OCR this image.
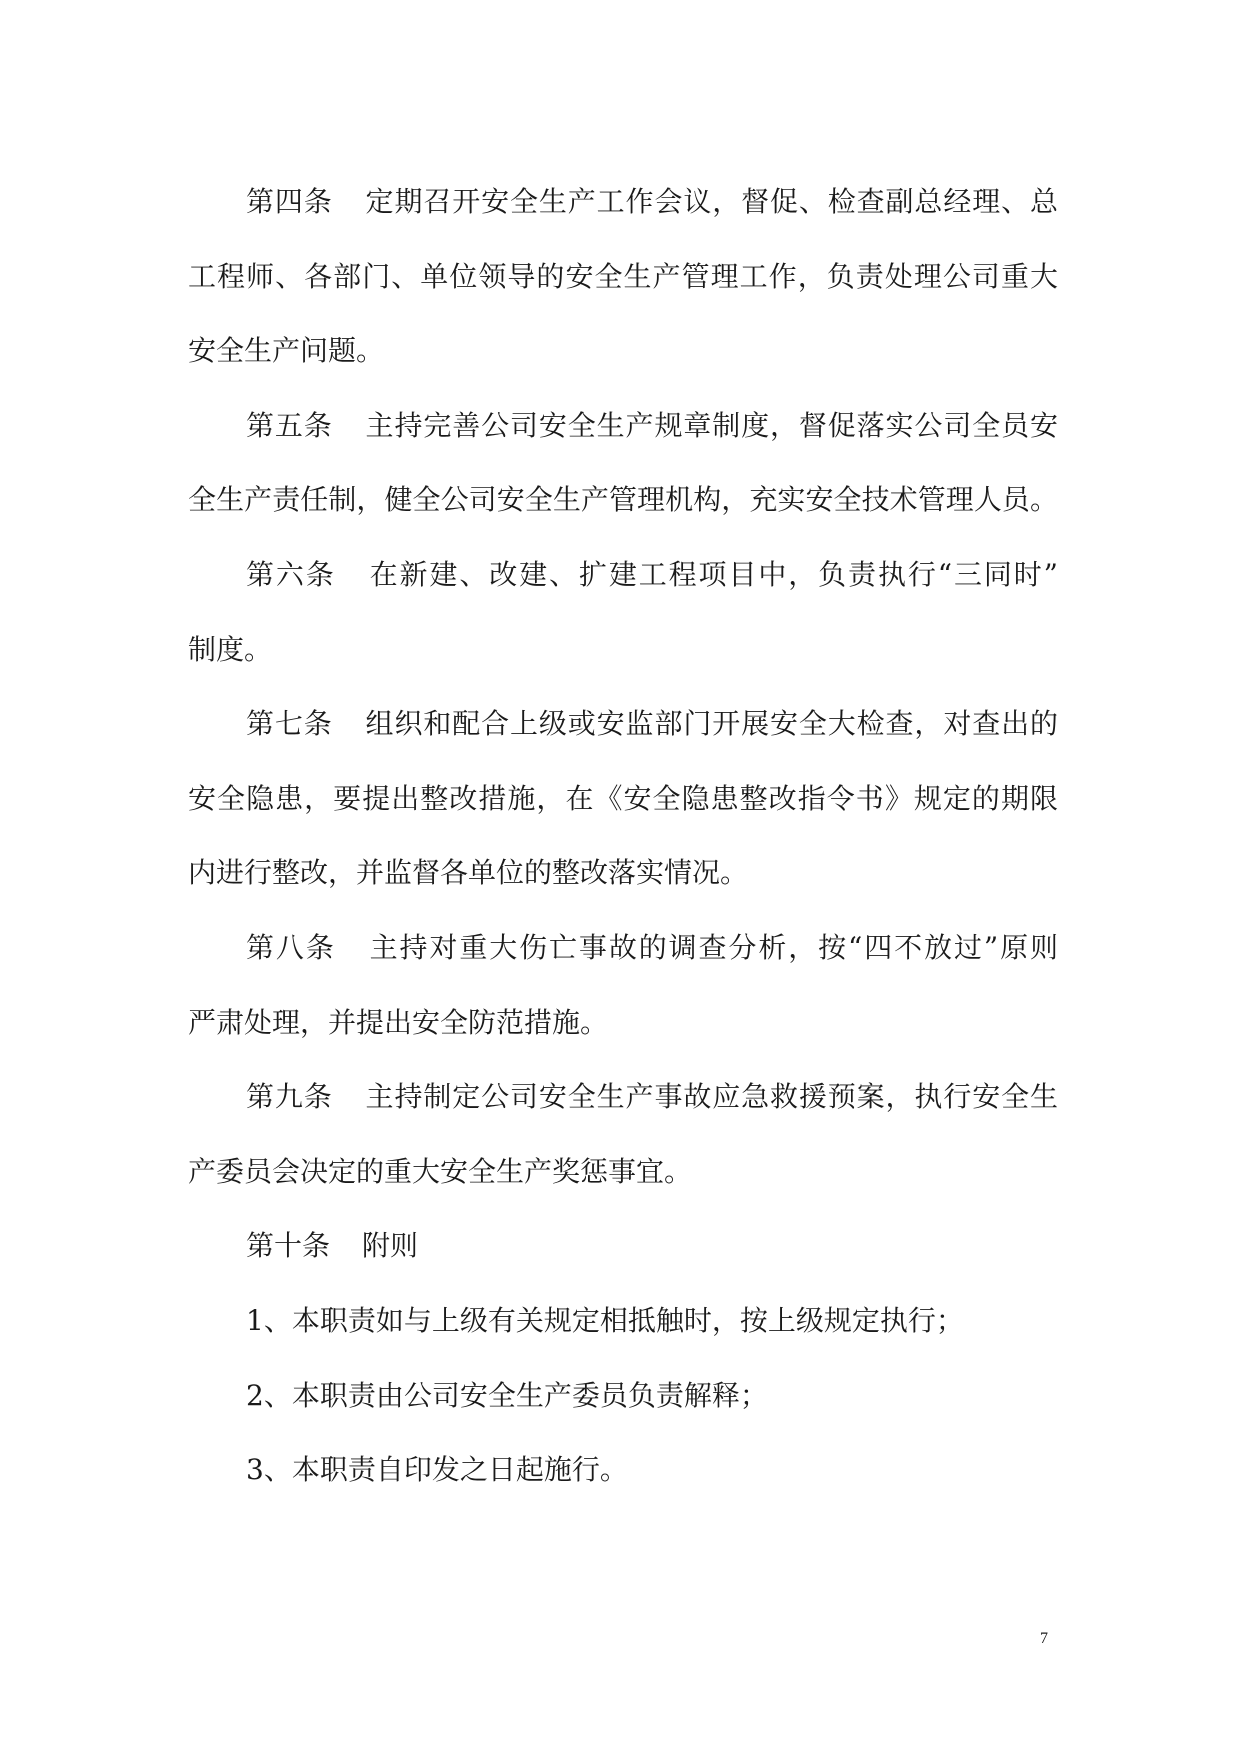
第四条 定期召开安全生产工作会议，督促、检查副总经理、总
工程师、各部门、单位领导的安全生产管理工作，负责处理公司重大
安全生产问题。
第五条 主持完善公司安全生产规章制度，督促落实公司全员安
全生产责任制，健全公司安全生产管理机构，充实安全技术管理人员。
第六条 在新建、改建、扩建工程项目中，负责执行“三同时”
制度。
第七条 组织和配合上级或安监部门开展安全大检查，对查出的
安全隐患，要提出整改措施，在《安全隐患整改指令书》规定的期限
内进行整改，并监督各单位的整改落实情况。
第八条 主持对重大伤亡事故的调查分析，按“四不放过”原则
严肃处理，并提出安全防范措施。
第九条 主持制定公司安全生产事故应急救援预案，执行安全生
产委员会决定的重大安全生产奖惩事宜。
第十条 附则
1、本职责如与上级有关规定相抵触时，按上级规定执行；
2、本职责由公司安全生产委员负责解释；
3、本职责自印发之日起施行。
7
